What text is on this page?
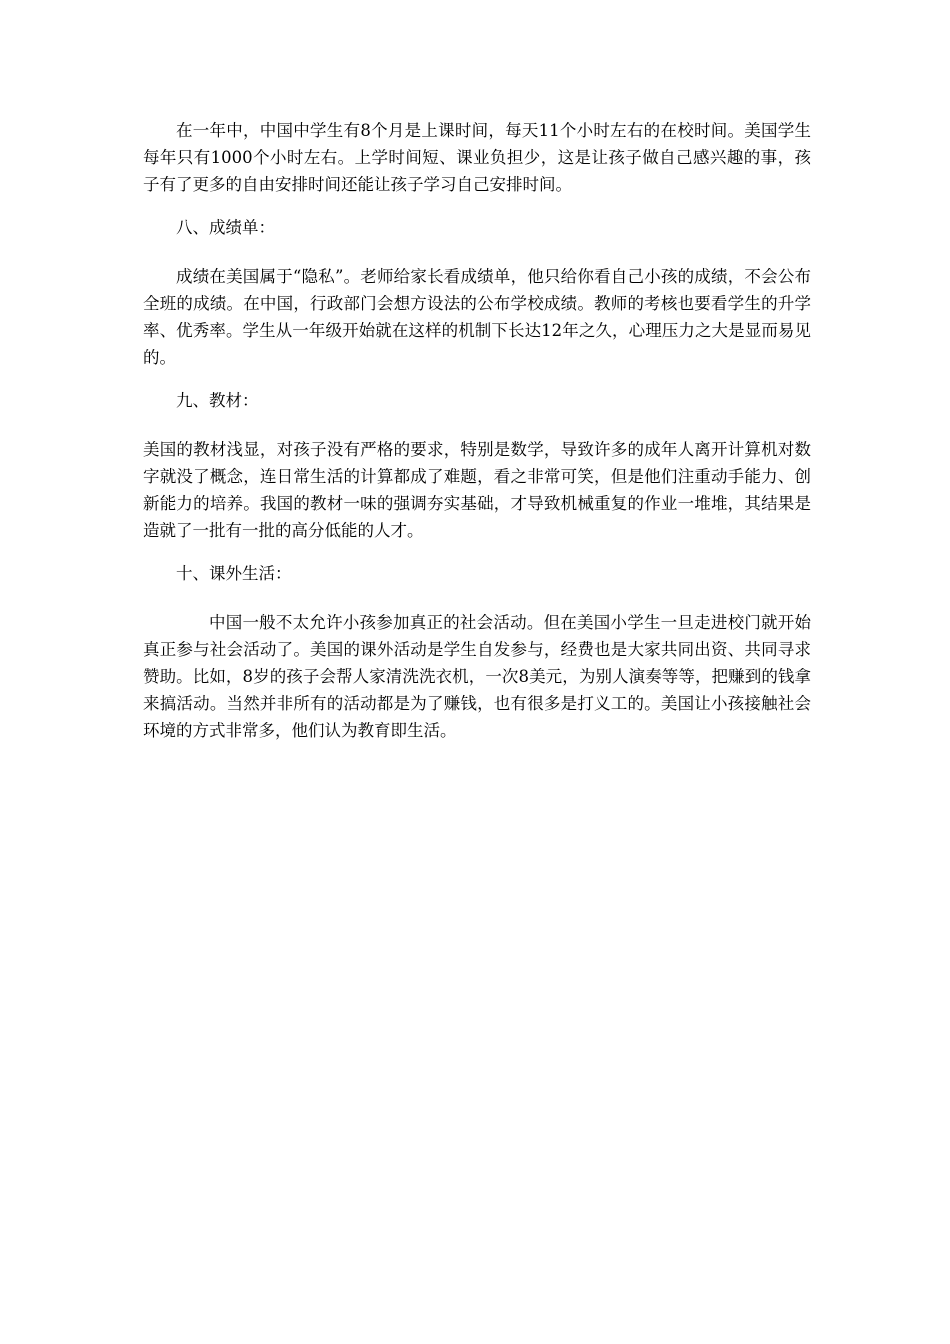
在一年中，中国中学生有8个月是上课时间，每天11个小时左右的在校时间。美国学生每年只有1000个小时左右。上学时间短、课业负担少，这是让孩子做自己感兴趣的事，孩子有了更多的自由安排时间还能让孩子学习自己安排时间。

八、成绩单：

成绩在美国属于“隐私”。老师给家长看成绩单，他只给你看自己小孩的成绩，不会公布全班的成绩。在中国，行政部门会想方设法的公布学校成绩。教师的考核也要看学生的升学率、优秀率。学生从一年级开始就在这样的机制下长达12年之久，心理压力之大是显而易见的。

九、教材：

美国的教材浅显，对孩子没有严格的要求，特别是数学，导致许多的成年人离开计算机对数字就没了概念，连日常生活的计算都成了难题，看之非常可笑，但是他们注重动手能力、创新能力的培养。我国的教材一味的强调夯实基础，才导致机械重复的作业一堆堆，其结果是造就了一批有一批的高分低能的人才。

十、课外生活：

中国一般不太允许小孩参加真正的社会活动。但在美国小学生一旦走进校门就开始真正参与社会活动了。美国的课外活动是学生自发参与，经费也是大家共同出资、共同寻求赞助。比如，8岁的孩子会帮人家清洗洗衣机，一次8美元，为别人演奏等等，把赚到的钱拿来搞活动。当然并非所有的活动都是为了赚钱，也有很多是打义工的。美国让小孩接触社会环境的方式非常多，他们认为教育即生活。
